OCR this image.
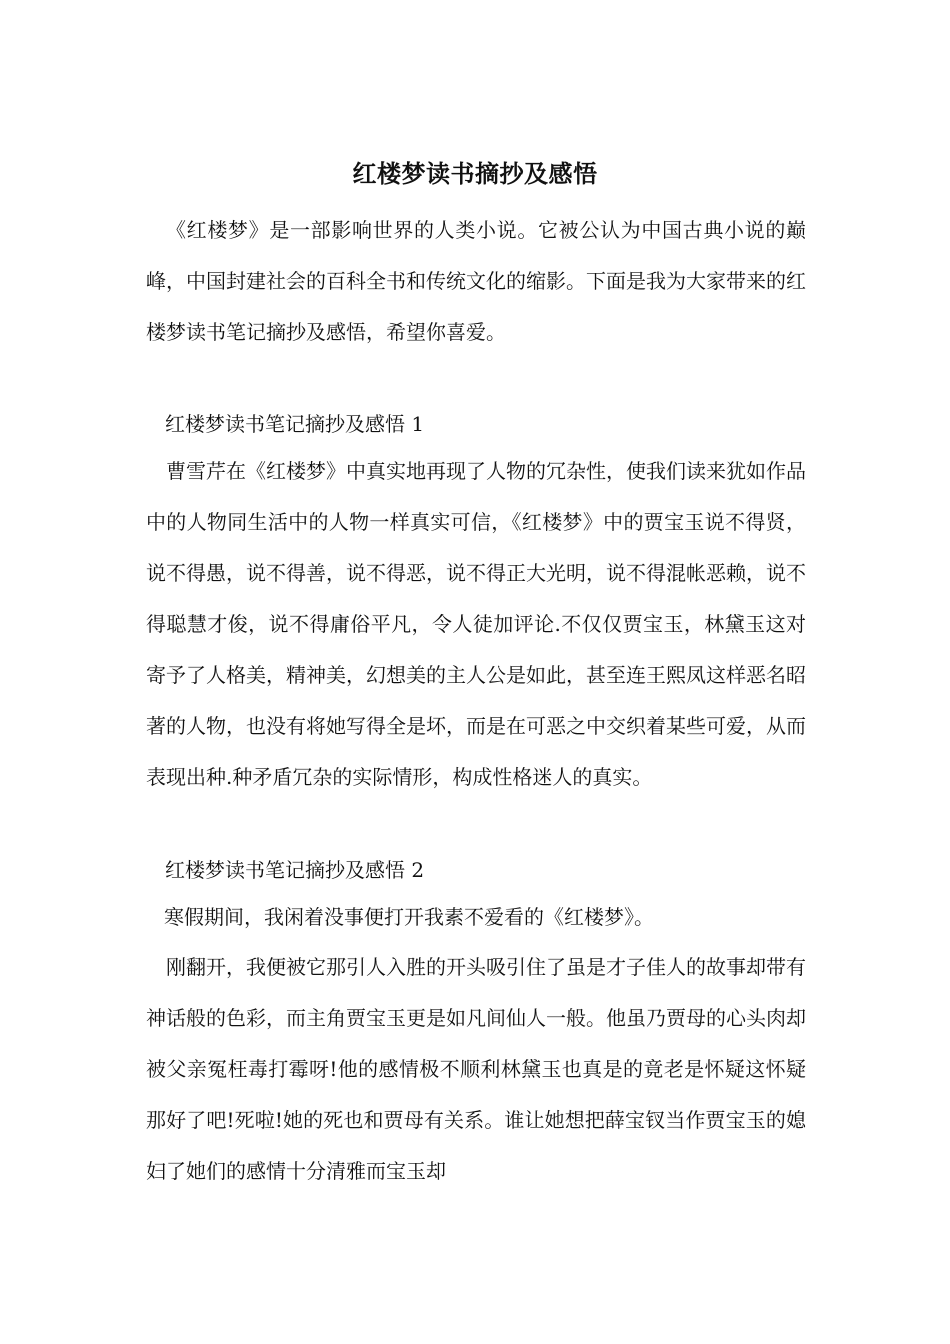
红楼梦读书摘抄及感悟

《红楼梦》是一部影响世界的人类小说。它被公认为中国古典小说的巅峰，中国封建社会的百科全书和传统文化的缩影。下面是我为大家带来的红楼梦读书笔记摘抄及感悟，希望你喜爱。

红楼梦读书笔记摘抄及感悟 1

曹雪芹在《红楼梦》中真实地再现了人物的冗杂性，使我们读来犹如作品中的人物同生活中的人物一样真实可信，《红楼梦》中的贾宝玉说不得贤，说不得愚，说不得善，说不得恶，说不得正大光明，说不得混帐恶赖，说不得聪慧才俊，说不得庸俗平凡，令人徒加评论.不仅仅贾宝玉，林黛玉这对寄予了人格美，精神美，幻想美的主人公是如此，甚至连王熙凤这样恶名昭著的人物，也没有将她写得全是坏，而是在可恶之中交织着某些可爱，从而表现出种.种矛盾冗杂的实际情形，构成性格迷人的真实。

红楼梦读书笔记摘抄及感悟 2

寒假期间，我闲着没事便打开我素不爱看的《红楼梦》。

刚翻开，我便被它那引人入胜的开头吸引住了虽是才子佳人的故事却带有神话般的色彩，而主角贾宝玉更是如凡间仙人一般。他虽乃贾母的心头肉却被父亲冤枉毒打霉呀!他的感情极不顺利林黛玉也真是的竟老是怀疑这怀疑那好了吧!死啦!她的死也和贾母有关系。谁让她想把薛宝钗当作贾宝玉的媳妇了她们的感情十分清雅而宝玉却
